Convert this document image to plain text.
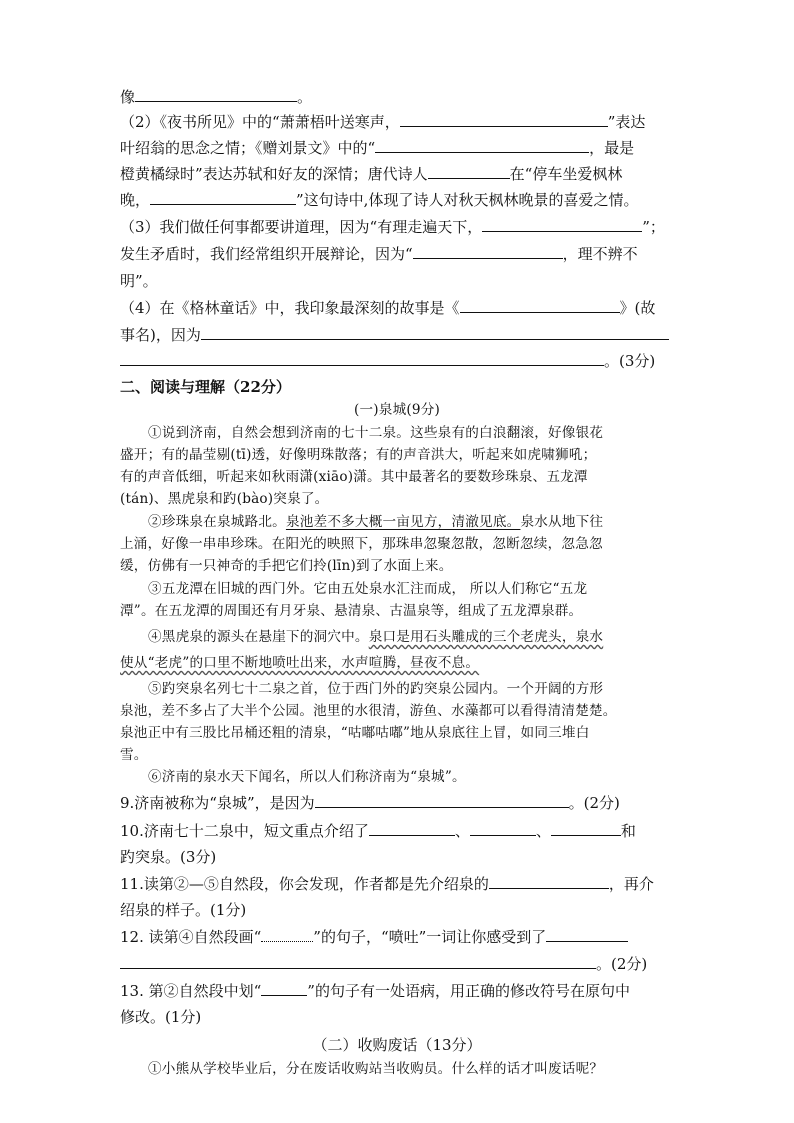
像	。
（2）《夜书所见》中的“萧萧梧叶送寒声，	”表达
叶绍翁的思念之情；《赠刘景文》中的“	，最是
橙黄橘绿时”表达苏轼和好友的深情；唐代诗人	在“停车坐爱枫林
晚，	”这句诗中,体现了诗人对秋天枫林晚景的喜爱之情。
（3）我们做任何事都要讲道理，因为“有理走遍天下，	”；
发生矛盾时，我们经常组织开展辩论，因为“	，理不辨不
明”。
（4）在《格林童话》中，我印象最深刻的故事是《	》(故
事名)，因为
。(3分)
二、阅读与理解（22分）
(一)泉城(9分)
①说到济南，自然会想到济南的七十二泉。这些泉有的白浪翻滚，好像银花
盛开；有的晶莹剔(tī)透，好像明珠散落；有的声音洪大，听起来如虎啸狮吼；
有的声音低细，听起来如秋雨潇(xiāo)潇。其中最著名的要数珍珠泉、五龙潭
(tán)、黑虎泉和趵(bào)突泉了。
②珍珠泉在泉城路北。泉池差不多大概一亩见方，清澈见底。泉水从地下往
上涌，好像一串串珍珠。在阳光的映照下，那珠串忽聚忽散，忽断忽续，忽急忽
缓，仿佛有一只神奇的手把它们拎(līn)到了水面上来。
③五龙潭在旧城的西门外。它由五处泉水汇注而成， 所以人们称它“五龙
潭”。在五龙潭的周围还有月牙泉、悬清泉、古温泉等，组成了五龙潭泉群。
④黑虎泉的源头在悬崖下的洞穴中。泉口是用石头雕成的三个老虎头，泉水
使从“老虎”的口里不断地喷吐出来，水声喧腾，昼夜不息。
⑤趵突泉名列七十二泉之首，位于西门外的趵突泉公园内。一个开阔的方形
泉池，差不多占了大半个公园。池里的水很清，游鱼、水藻都可以看得清清楚楚。
泉池正中有三股比吊桶还粗的清泉，“咕嘟咕嘟”地从泉底往上冒，如同三堆白
雪。
⑥济南的泉水天下闻名，所以人们称济南为“泉城”。
9.济南被称为“泉城”，是因为	。(2分)
10.济南七十二泉中，短文重点介绍了	、	、	和
趵突泉。(3分)
11.读第②—⑤自然段，你会发现，作者都是先介绍泉的	，再介
绍泉的样子。(1分)
12. 读第④自然段画“	”的句子，“喷吐”一词让你感受到了
。(2分)
13. 第②自然段中划“	”的句子有一处语病，用正确的修改符号在原句中
修改。(1分)
（二）收购废话（13分）
①小熊从学校毕业后，分在废话收购站当收购员。什么样的话才叫废话呢？
